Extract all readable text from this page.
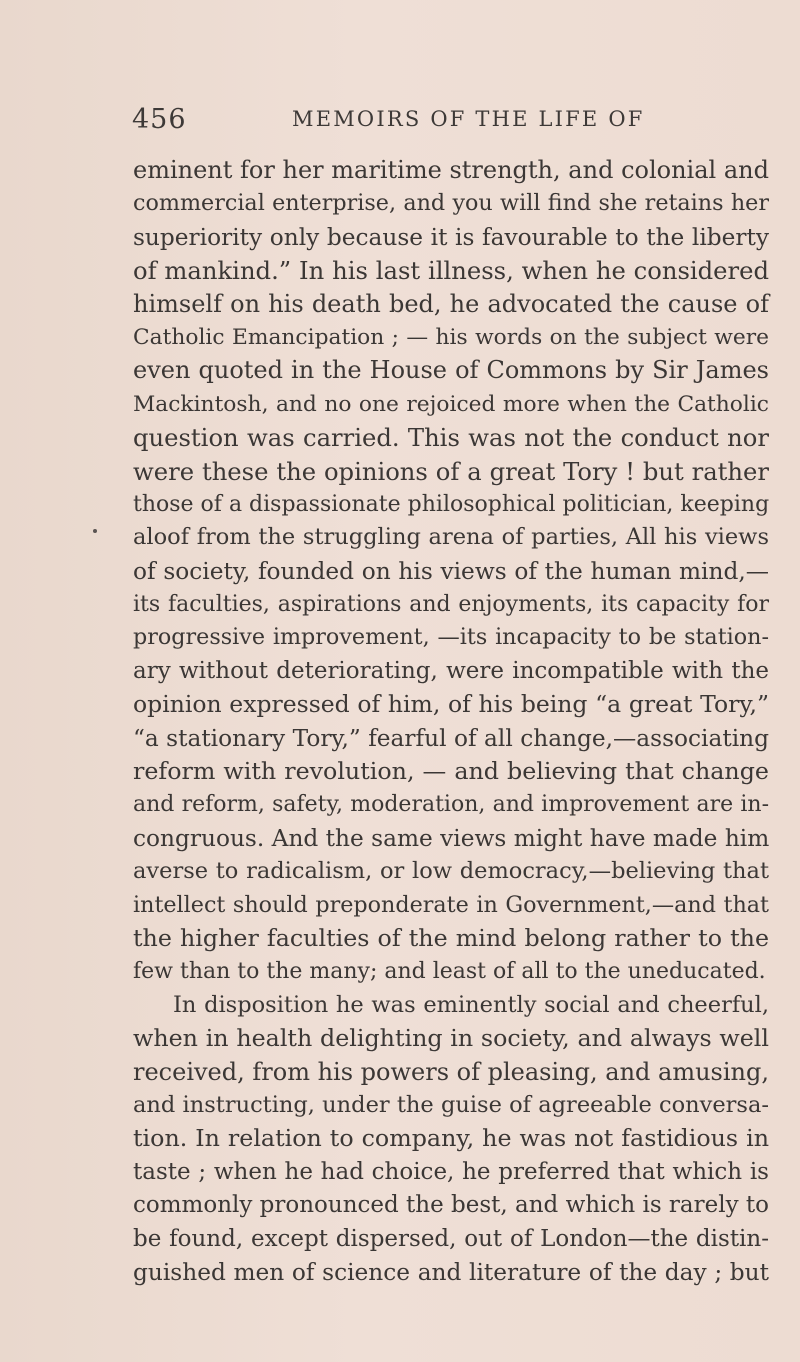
456	MEMOIRS OF THE LIFE OF
eminent for her maritime strength, and colonial and
commercial enterprise, and you will find she retains her
superiority only because it is favourable to the liberty
of mankind.” In his last illness, when he considered
himself on his death bed, he advocated the cause of
Catholic Emancipation ; — his words on the subject were
even quoted in the House of Commons by Sir James
Mackintosh, and no one rejoiced more when the Catholic
question was carried. This was not the conduct nor
were these the opinions of a great Tory ! but rather
those of a dispassionate philosophical politician, keeping
aloof from the struggling arena of parties, All his views
of society, founded on his views of the human mind,—
its faculties, aspirations and enjoyments, its capacity for
progressive improvement, —its incapacity to be station-
ary without deteriorating, were incompatible with the
opinion expressed of him, of his being “a great Tory,”
“a stationary Tory,” fearful of all change,—associating
reform with revolution, — and believing that change
and reform, safety, moderation, and improvement are in-
congruous. And the same views might have made him
averse to radicalism, or low democracy,—believing that
intellect should preponderate in Government,—and that
the higher faculties of the mind belong rather to the
few than to the many; and least of all to the uneducated.
In disposition he was eminently social and cheerful,
when in health delighting in society, and always well
received, from his powers of pleasing, and amusing,
and instructing, under the guise of agreeable conversa-
tion. In relation to company, he was not fastidious in
taste ; when he had choice, he preferred that which is
commonly pronounced the best, and which is rarely to
be found, except dispersed, out of London—the distin-
guished men of science and literature of the day ; but
